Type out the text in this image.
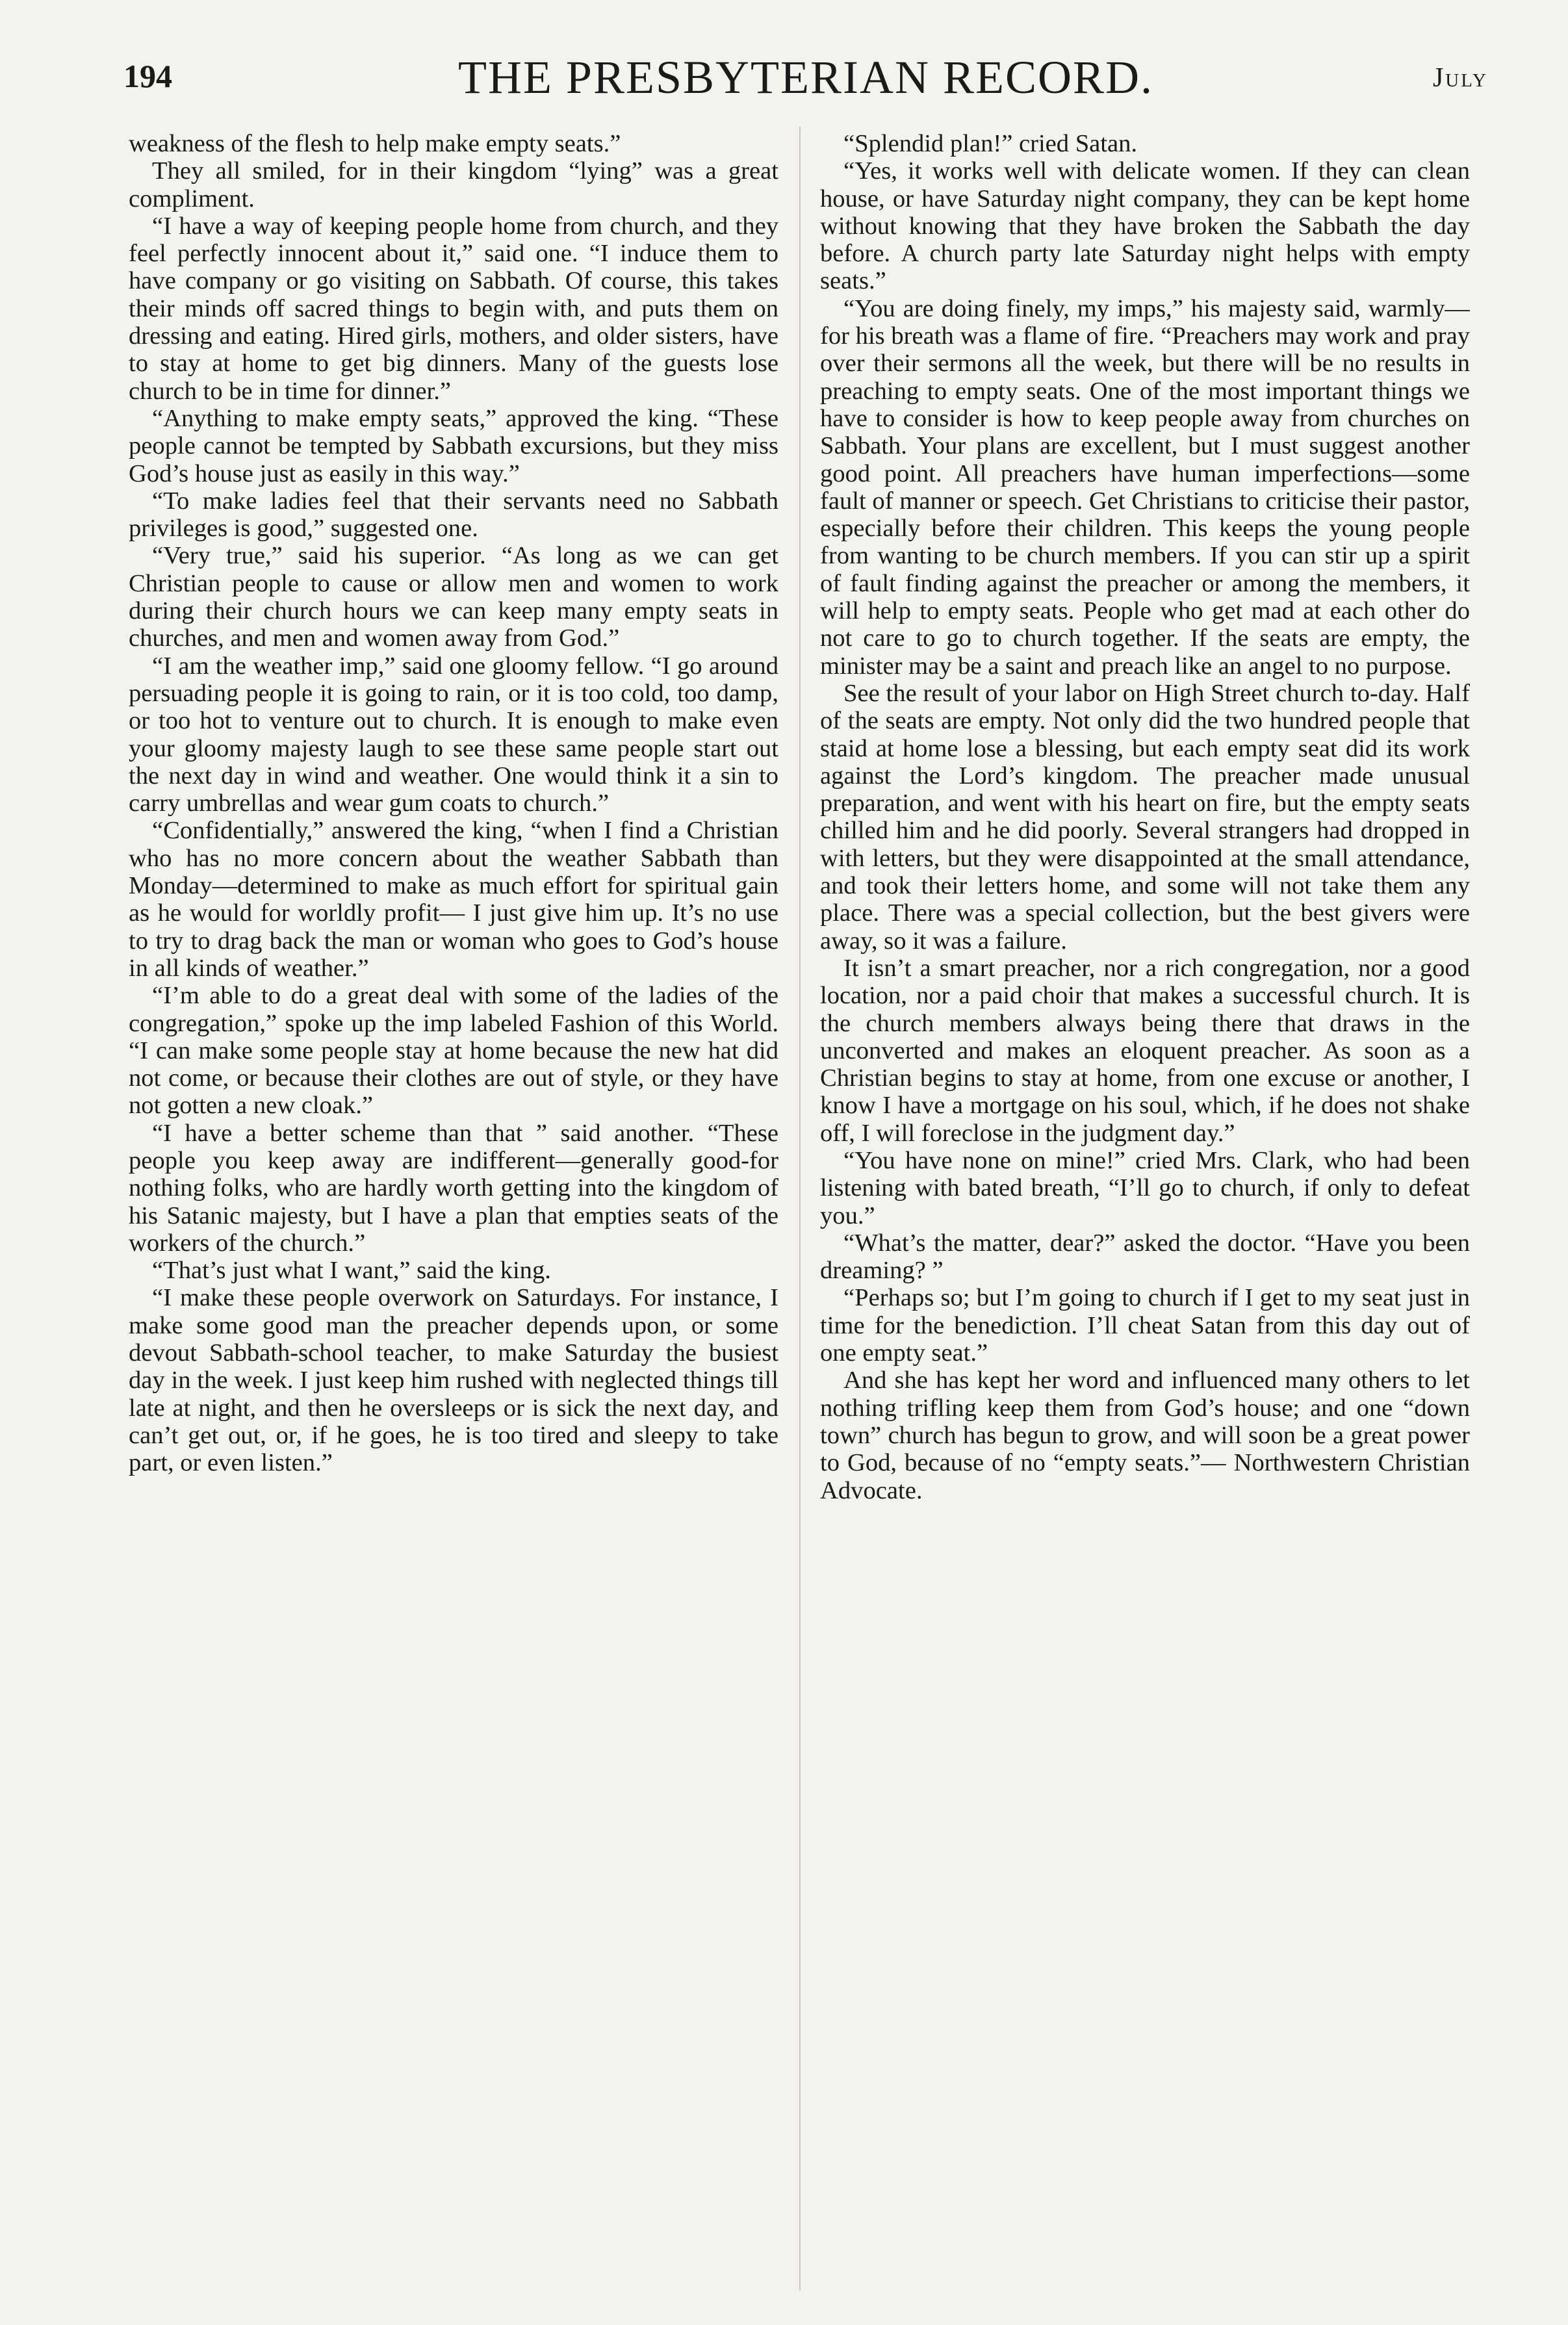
194	THE PRESBYTERIAN RECORD.	July

weakness of the flesh to help make empty seats.”

They all smiled, for in their kingdom “lying” was a great compliment.

“I have a way of keeping people home from church, and they feel perfectly innocent about it,” said one. “I induce them to have company or go visiting on Sabbath. Of course, this takes their minds off sacred things to begin with, and puts them on dressing and eating. Hired girls, mothers, and older sisters, have to stay at home to get big dinners. Many of the guests lose church to be in time for dinner.”

“Anything to make empty seats,” approved the king. “These people cannot be tempted by Sabbath excursions, but they miss God’s house just as easily in this way.”

“To make ladies feel that their servants need no Sabbath privileges is good,” suggested one.

“Very true,” said his superior. “As long as we can get Christian people to cause or allow men and women to work during their church hours we can keep many empty seats in churches, and men and women away from God.”

“I am the weather imp,” said one gloomy fellow. “I go around persuading people it is going to rain, or it is too cold, too damp, or too hot to venture out to church. It is enough to make even your gloomy majesty laugh to see these same people start out the next day in wind and weather. One would think it a sin to carry umbrellas and wear gum coats to church.”

“Confidentially,” answered the king, “when I find a Christian who has no more concern about the weather Sabbath than Monday—determined to make as much effort for spiritual gain as he would for worldly profit— I just give him up. It’s no use to try to drag back the man or woman who goes to God’s house in all kinds of weather.”

“I’m able to do a great deal with some of the ladies of the congregation,” spoke up the imp labeled Fashion of this World. “I can make some people stay at home because the new hat did not come, or because their clothes are out of style, or they have not gotten a new cloak.”

“I have a better scheme than that ” said another. “These people you keep away are indifferent—generally good-for nothing folks, who are hardly worth getting into the kingdom of his Satanic majesty, but I have a plan that empties seats of the workers of the church.”

“That’s just what I want,” said the king.

“I make these people overwork on Saturdays. For instance, I make some good man the preacher depends upon, or some devout Sabbath-school teacher, to make Saturday the busiest day in the week. I just keep him rushed with neglected things till late at night, and then he oversleeps or is sick the next day, and can’t get out, or, if he goes, he is too tired and sleepy to take part, or even listen.”

“Splendid plan!” cried Satan.

“Yes, it works well with delicate women. If they can clean house, or have Saturday night company, they can be kept home without knowing that they have broken the Sabbath the day before. A church party late Saturday night helps with empty seats.”

“You are doing finely, my imps,” his majesty said, warmly—for his breath was a flame of fire. “Preachers may work and pray over their sermons all the week, but there will be no results in preaching to empty seats. One of the most important things we have to consider is how to keep people away from churches on Sabbath. Your plans are excellent, but I must suggest another good point. All preachers have human imperfections—some fault of manner or speech. Get Christians to criticise their pastor, especially before their children. This keeps the young people from wanting to be church members. If you can stir up a spirit of fault finding against the preacher or among the members, it will help to empty seats. People who get mad at each other do not care to go to church together. If the seats are empty, the minister may be a saint and preach like an angel to no purpose.

See the result of your labor on High Street church to-day. Half of the seats are empty. Not only did the two hundred people that staid at home lose a blessing, but each empty seat did its work against the Lord’s kingdom. The preacher made unusual preparation, and went with his heart on fire, but the empty seats chilled him and he did poorly. Several strangers had dropped in with letters, but they were disappointed at the small attendance, and took their letters home, and some will not take them any place. There was a special collection, but the best givers were away, so it was a failure.

It isn’t a smart preacher, nor a rich congregation, nor a good location, nor a paid choir that makes a successful church. It is the church members always being there that draws in the unconverted and makes an eloquent preacher. As soon as a Christian begins to stay at home, from one excuse or another, I know I have a mortgage on his soul, which, if he does not shake off, I will foreclose in the judgment day.”

“You have none on mine!” cried Mrs. Clark, who had been listening with bated breath, “I’ll go to church, if only to defeat you.”

“What’s the matter, dear?” asked the doctor. “Have you been dreaming? ”

“Perhaps so; but I’m going to church if I get to my seat just in time for the benediction. I’ll cheat Satan from this day out of one empty seat.”

And she has kept her word and influenced many others to let nothing trifling keep them from God’s house; and one “down town” church has begun to grow, and will soon be a great power to God, because of no “empty seats.”— Northwestern Christian Advocate.
